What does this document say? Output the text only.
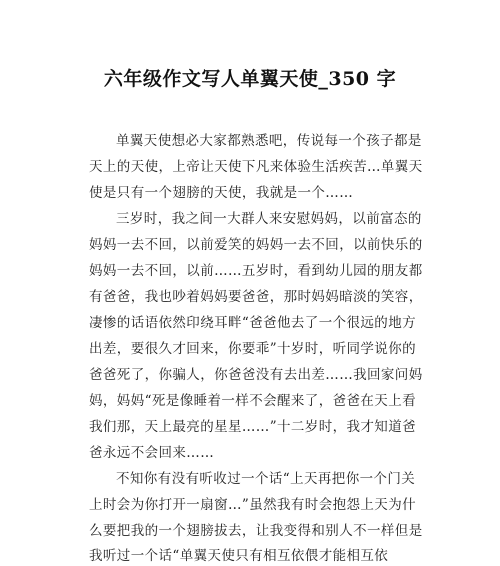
六年级作文写人单翼天使_350 字
单翼天使想必大家都熟悉吧，传说每一个孩子都是
天上的天使，上帝让天使下凡来体验生活疾苦…单翼天
使是只有一个翅膀的天使，我就是一个……
三岁时，我之间一大群人来安慰妈妈，以前富态的
妈妈一去不回，以前爱笑的妈妈一去不回，以前快乐的
妈妈一去不回，以前……五岁时，看到幼儿园的朋友都
有爸爸，我也吵着妈妈要爸爸，那时妈妈暗淡的笑容，
凄惨的话语依然印绕耳畔“爸爸他去了一个很远的地方
出差，要很久才回来，你要乖”十岁时，听同学说你的
爸爸死了，你骗人，你爸爸没有去出差……我回家问妈
妈，妈妈“死是像睡着一样不会醒来了，爸爸在天上看
我们那，天上最亮的星星……”十二岁时，我才知道爸
爸永远不会回来……
不知你有没有听收过一个话“上天再把你一个门关
上时会为你打开一扇窗…”虽然我有时会抱怨上天为什
么要把我的一个翅膀拔去，让我变得和别人不一样但是
我听过一个话“单翼天使只有相互依偎才能相互依
